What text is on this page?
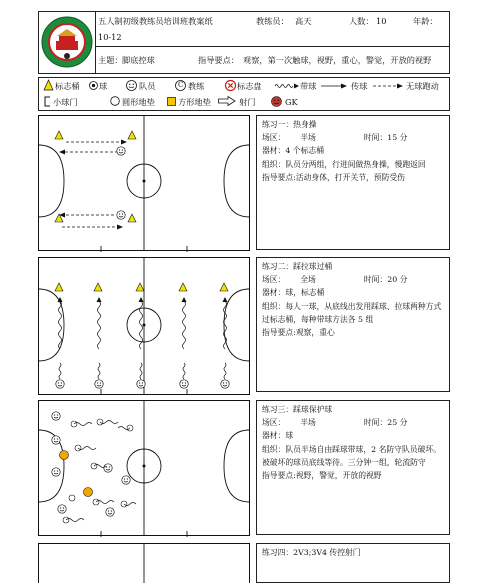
五人制初级教练员培训班教案纸	教练员： 高天	人数： 10	年龄：
10-12
主题： 脚底控球	指导要点： 观察，第一次触球，视野，重心，警觉，开放的视野
标志桶 球	队员	C 教练	标志盘	带球	传球	无球跑动
小球门	圆形地垫	方形地垫	射门	GK

练习一：热身操

场区： 半场	时间：15 分

器材：4 个标志桶

组织：队员分两组，行进间做热身操，慢跑返回

指导要点:活动身体，打开关节，预防受伤

练习二：踩拉球过桶

场区： 全场	时间：20 分

器材：球，标志桶

组织：每人一球，从底线出发用踩球、拉球两种方式过标志桶，每种带球方法各 5 组

指导要点:观察，重心

练习三：踩球保护球

场区： 半场	时间：25 分

器材：球

组织：队员半场自由踩球带球，2 名防守队员破坏。被破坏的球员底线等待。三分钟一组，轮流防守

指导要点:视野，警觉，开放的视野

练习四：2V3;3V4 传控射门
